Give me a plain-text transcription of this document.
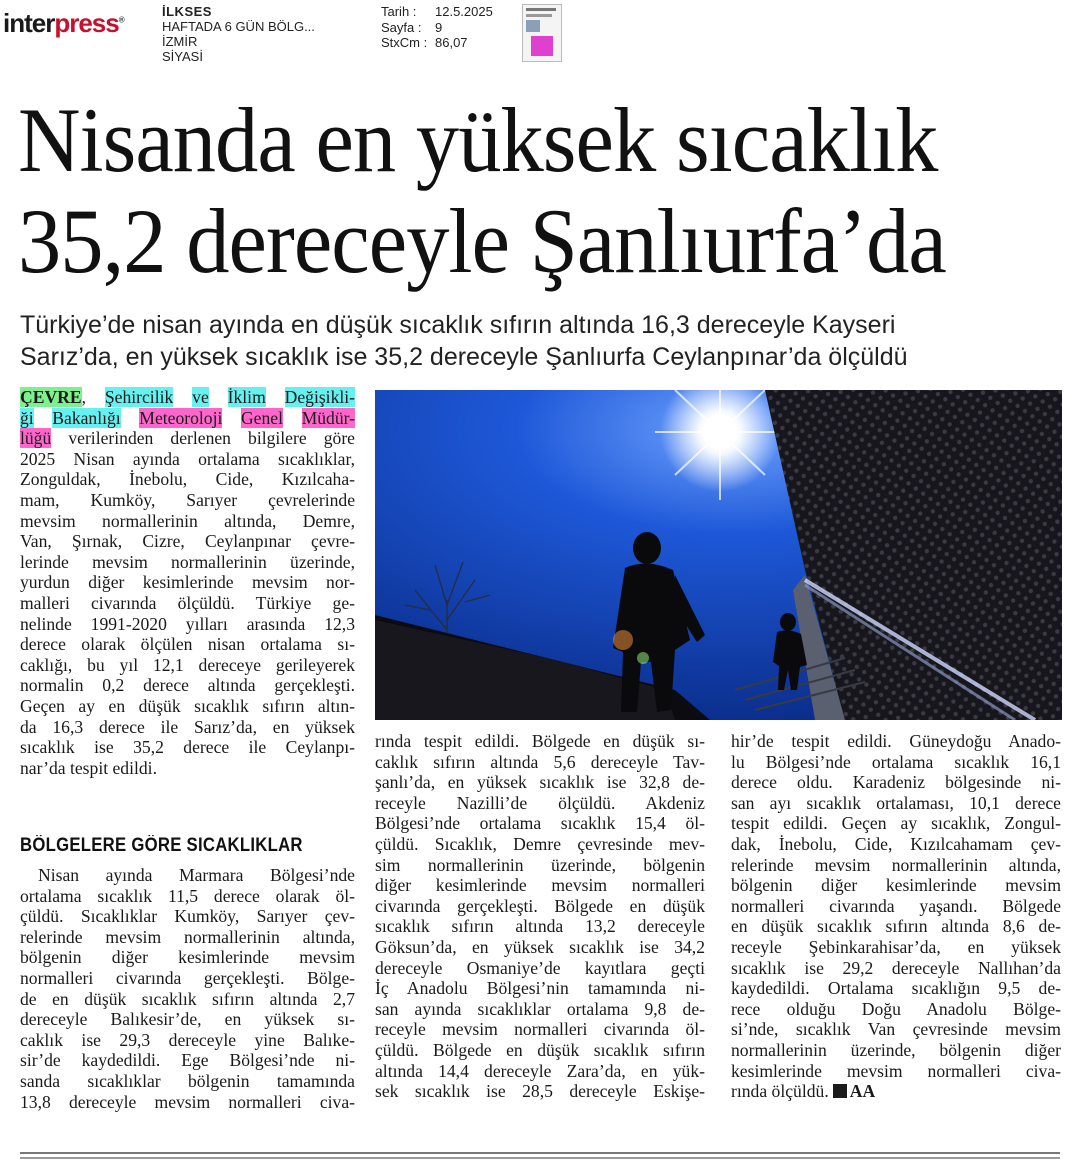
interpress®
İLKSES
HAFTADA 6 GÜN BÖLG...
İZMİR
SİYASİ
Tarih :	12.5.2025
Sayfa :	9
StxCm : 86,07
Nisanda en yüksek sıcaklık
35,2 dereceyle Şanlıurfa’da
Türkiye’de nisan ayında en düşük sıcaklık sıfırın altında 16,3 dereceyle Kayseri
Sarız’da, en yüksek sıcaklık ise 35,2 dereceyle Şanlıurfa Ceylanpınar’da ölçüldü
ÇEVRE, Şehircilik ve İklim Değişikli-
ği Bakanlığı Meteoroloji Genel Müdür-
lüğü verilerinden derlenen bilgilere göre
2025 Nisan ayında ortalama sıcaklıklar,
Zonguldak, İnebolu, Cide, Kızılcaha-
mam, Kumköy, Sarıyer çevrelerinde
mevsim normallerinin altında, Demre,
Van, Şırnak, Cizre, Ceylanpınar çevre-
lerinde mevsim normallerinin üzerinde,
yurdun diğer kesimlerinde mevsim nor-
malleri civarında ölçüldü. Türkiye ge-
nelinde 1991-2020 yılları arasında 12,3
derece olarak ölçülen nisan ortalama sı-
caklığı, bu yıl 12,1 dereceye gerileyerek
normalin 0,2 derece altında gerçekleşti.
Geçen ay en düşük sıcaklık sıfırın altın-
da 16,3 derece ile Sarız’da, en yüksek
sıcaklık ise 35,2 derece ile Ceylanpı-
nar’da tespit edildi.
BÖLGELERE GÖRE SICAKLIKLAR
Nisan ayında Marmara Bölgesi’nde
ortalama sıcaklık 11,5 derece olarak öl-
çüldü. Sıcaklıklar Kumköy, Sarıyer çev-
relerinde mevsim normallerinin altında,
bölgenin diğer kesimlerinde mevsim
normalleri civarında gerçekleşti. Bölge-
de en düşük sıcaklık sıfırın altında 2,7
dereceyle Balıkesir’de, en yüksek sı-
caklık ise 29,3 dereceyle yine Balıke-
sir’de kaydedildi. Ege Bölgesi’nde ni-
sanda sıcaklıklar bölgenin tamamında
13,8 dereceyle mevsim normalleri civa-
rında tespit edildi. Bölgede en düşük sı-
caklık sıfırın altında 5,6 dereceyle Tav-
şanlı’da, en yüksek sıcaklık ise 32,8 de-
receyle Nazilli’de ölçüldü. Akdeniz
Bölgesi’nde ortalama sıcaklık 15,4 öl-
çüldü. Sıcaklık, Demre çevresinde mev-
sim normallerinin üzerinde, bölgenin
diğer kesimlerinde mevsim normalleri
civarında gerçekleşti. Bölgede en düşük
sıcaklık sıfırın altında 13,2 dereceyle
Göksun’da, en yüksek sıcaklık ise 34,2
dereceyle Osmaniye’de kayıtlara geçti
İç Anadolu Bölgesi’nin tamamında ni-
san ayında sıcaklıklar ortalama 9,8 de-
receyle mevsim normalleri civarında öl-
çüldü. Bölgede en düşük sıcaklık sıfırın
altında 14,4 dereceyle Zara’da, en yük-
sek sıcaklık ise 28,5 dereceyle Eskişe-
hir’de tespit edildi. Güneydoğu Anado-
lu Bölgesi’nde ortalama sıcaklık 16,1
derece oldu. Karadeniz bölgesinde ni-
san ayı sıcaklık ortalaması, 10,1 derece
tespit edildi. Geçen ay sıcaklık, Zongul-
dak, İnebolu, Cide, Kızılcahamam çev-
relerinde mevsim normallerinin altında,
bölgenin diğer kesimlerinde mevsim
normalleri civarında yaşandı. Bölgede
en düşük sıcaklık sıfırın altında 8,6 de-
receyle Şebinkarahisar’da, en yüksek
sıcaklık ise 29,2 dereceyle Nallıhan’da
kaydedildi. Ortalama sıcaklığın 9,5 de-
rece olduğu Doğu Anadolu Bölge-
si’nde, sıcaklık Van çevresinde mevsim
normallerinin üzerinde, bölgenin diğer
kesimlerinde mevsim normalleri civa-
rında ölçüldü. AA
